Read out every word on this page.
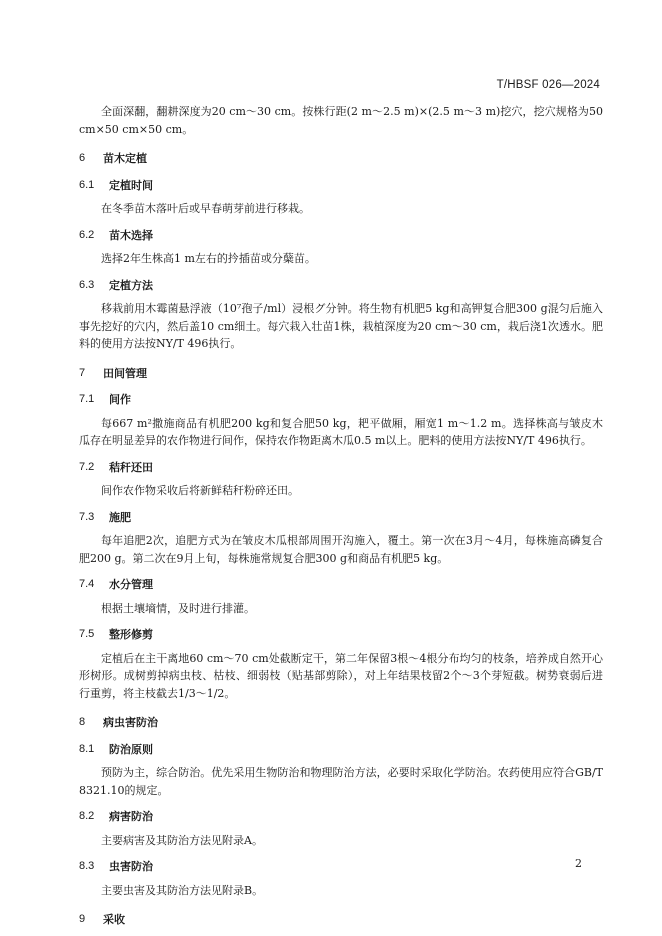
T/HBSF 026—2024

全面深翻，翻耕深度为20 cm～30 cm。按株行距(2 m～2.5 m)×(2.5 m～3 m)挖穴，挖穴规格为50 cm×50 cm×50 cm。

6	苗木定植
6.1	定植时间

在冬季苗木落叶后或早春萌芽前进行移栽。

6.2	苗木选择

选择2年生株高1 m左右的扲插苗或分蘖苗。

6.3	定植方法

移栽前用木霉菌悬浮液（10⁷孢子/ml）浸根グ分钟。将生物有机肥5 kg和高钾复合肥300 g混匀后施入事先挖好的穴内，然后盖10 cm细土。每穴栽入壮苗1株，栽植深度为20 cm～30 cm，栽后浇1次透水。肥料的使用方法按NY/T 496执行。

7	田间管理
7.1	间作

每667 m²撒施商品有机肥200 kg和复合肥50 kg，耙平做厢，厢宽1 m～1.2 m。选择株高与皱皮木瓜存在明显差异的农作物进行间作，保持农作物距离木瓜0.5 m以上。肥料的使用方法按NY/T 496执行。

7.2	秸秆还田

间作农作物采收后将新鲜秸秆粉碎还田。

7.3	施肥

每年追肥2次，追肥方式为在皱皮木瓜根部周围开沟施入，覆土。第一次在3月～4月，每株施高磷复合肥200 g。第二次在9月上旬，每株施常规复合肥300 g和商品有机肥5 kg。

7.4	水分管理

根据土壤墒情，及时进行排灌。

7.5	整形修剪

定植后在主干离地60 cm～70 cm处截断定干，第二年保留3根～4根分布均匀的枝条，培养成自然开心形树形。成树剪掉病虫枝、枯枝、细弱枝（贴基部剪除），对上年结果枝留2个～3个芽短截。树势衰弱后进行重剪，将主枝截去1/3～1/2。

8	病虫害防治
8.1	防治原则

预防为主，综合防治。优先采用生物防治和物理防治方法，必要时采取化学防治。农药使用应符合GB/T 8321.10的规定。

8.2	病害防治

主要病害及其防治方法见附录A。

8.3	虫害防治

主要虫害及其防治方法见附录B。

9	采收
2
